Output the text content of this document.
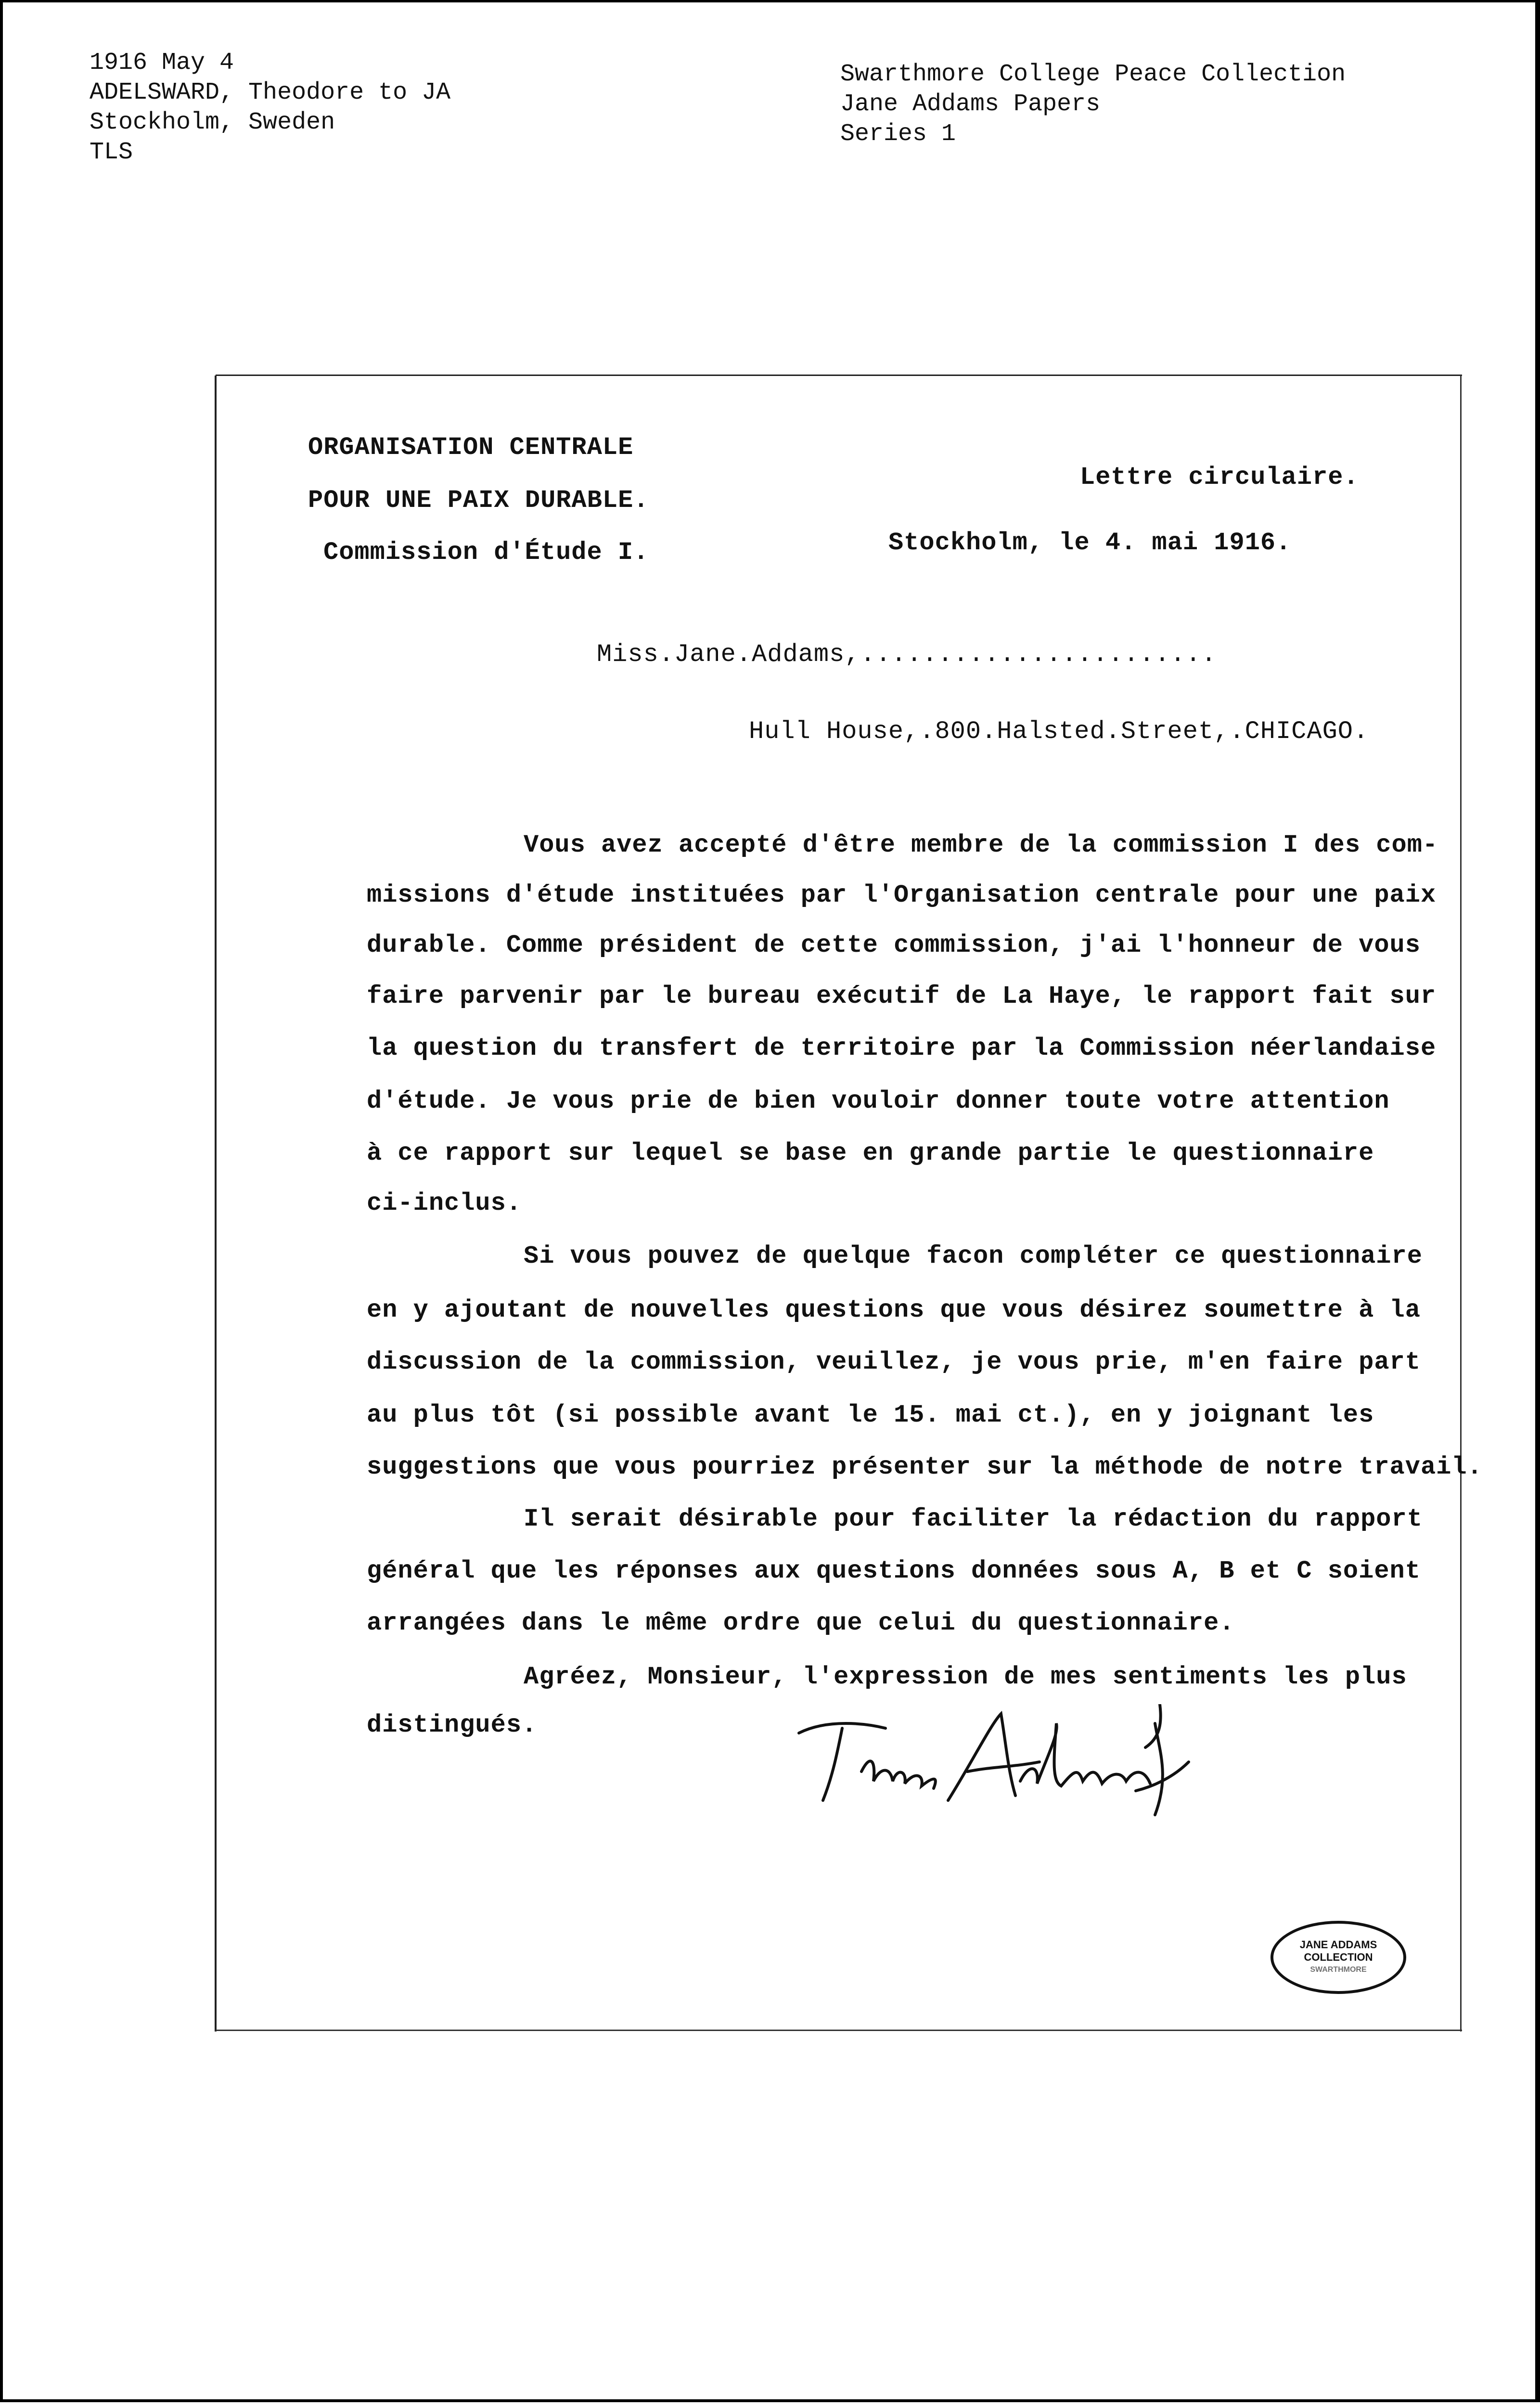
1916 May 4
ADELSWARD, Theodore to JA
Stockholm, Sweden
TLS
Swarthmore College Peace Collection
Jane Addams Papers
Series 1
ORGANISATION CENTRALE
POUR UNE PAIX DURABLE.
Commission d'Étude I.
Lettre circulaire.
Stockholm, le 4. mai 1916.
Miss.Jane.Addams,.......................
Hull House,.800.Halsted.Street,.CHICAGO.
Vous avez accepté d'être membre de la commission I des com-
missions d'étude instituées par l'Organisation centrale pour une paix
durable. Comme président de cette commission, j'ai l'honneur de vous
faire parvenir par le bureau exécutif de La Haye, le rapport fait sur
la question du transfert de territoire par la Commission néerlandaise
d'étude. Je vous prie de bien vouloir donner toute votre attention
à ce rapport sur lequel se base en grande partie le questionnaire
ci-inclus.
Si vous pouvez de quelque facon compléter ce questionnaire
en y ajoutant de nouvelles questions que vous désirez soumettre à la
discussion de la commission, veuillez, je vous prie, m'en faire part
au plus tôt (si possible avant le 15. mai ct.), en y joignant les
suggestions que vous pourriez présenter sur la méthode de notre travail.
Il serait désirable pour faciliter la rédaction du rapport
général que les réponses aux questions données sous A, B et C soient
arrangées dans le même ordre que celui du questionnaire.
Agréez, Monsieur, l'expression de mes sentiments les plus
distingués.
JANE ADDAMS
COLLECTION
SWARTHMORE
